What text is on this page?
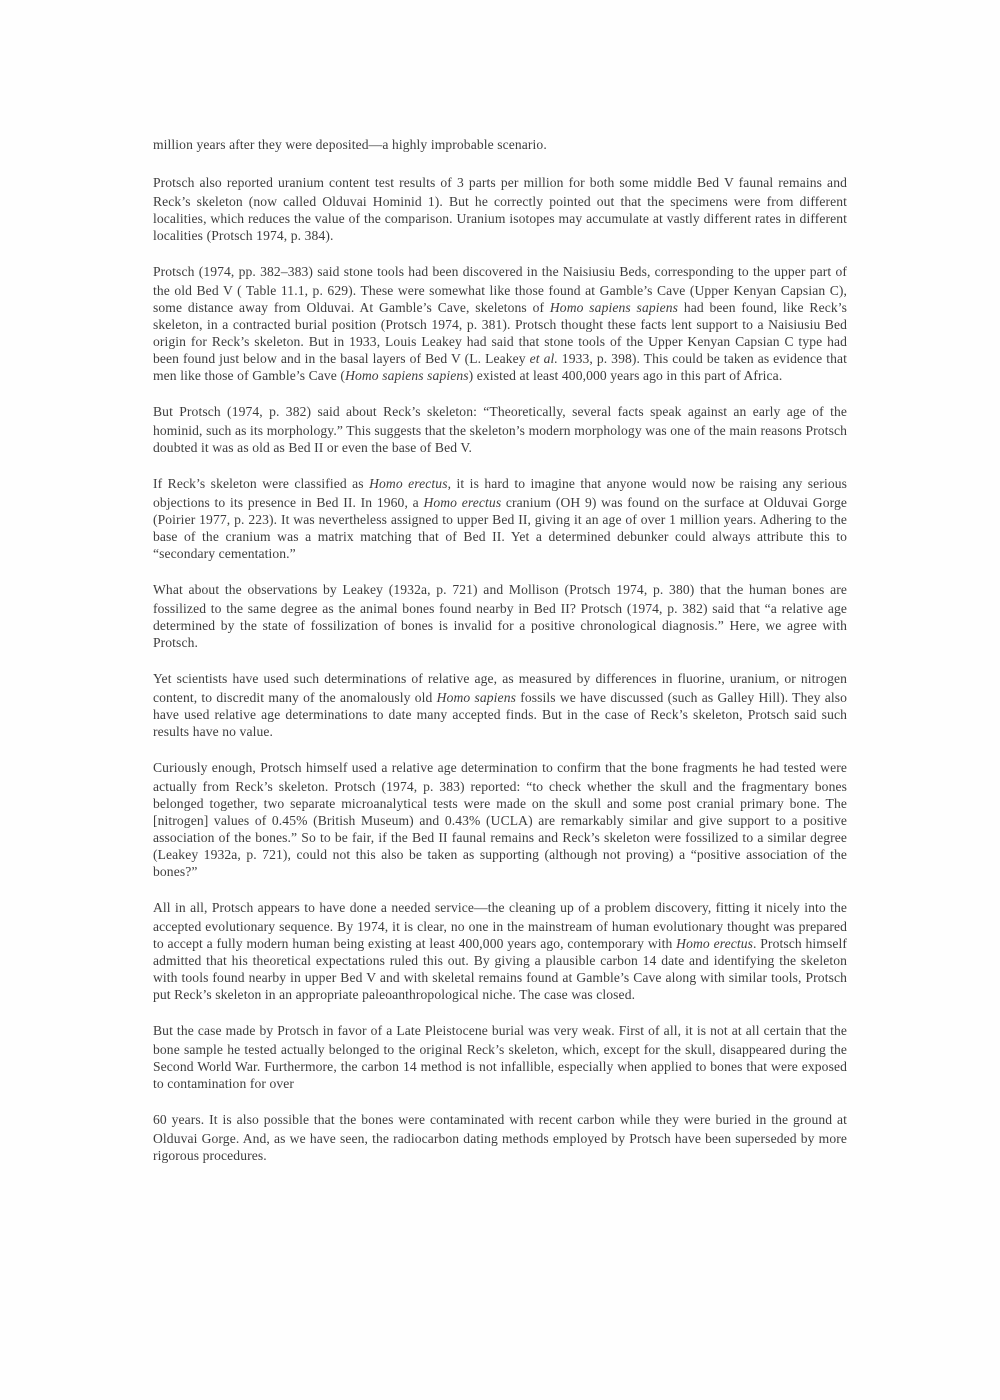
million years after they were deposited—a highly improbable scenario.

Protsch also reported uranium content test results of 3 parts per million for both some middle Bed V faunal remains and Reck’s skeleton (now called Olduvai Hominid 1). But he correctly pointed out that the specimens were from different localities, which reduces the value of the comparison. Uranium isotopes may accumulate at vastly different rates in different localities (Protsch 1974, p. 384).

Protsch (1974, pp. 382–383) said stone tools had been discovered in the Naisiusiu Beds, corresponding to the upper part of the old Bed V ( Table 11.1, p. 629). These were somewhat like those found at Gamble’s Cave (Upper Kenyan Capsian C), some distance away from Olduvai. At Gamble’s Cave, skeletons of Homo sapiens sapiens had been found, like Reck’s skeleton, in a contracted burial position (Protsch 1974, p. 381). Protsch thought these facts lent support to a Naisiusiu Bed origin for Reck’s skeleton. But in 1933, Louis Leakey had said that stone tools of the Upper Kenyan Capsian C type had been found just below and in the basal layers of Bed V (L. Leakey et al. 1933, p. 398). This could be taken as evidence that men like those of Gamble’s Cave (Homo sapiens sapiens) existed at least 400,000 years ago in this part of Africa.

But Protsch (1974, p. 382) said about Reck’s skeleton: “Theoretically, several facts speak against an early age of the hominid, such as its morphology.” This suggests that the skeleton’s modern morphology was one of the main reasons Protsch doubted it was as old as Bed II or even the base of Bed V.

If Reck’s skeleton were classified as Homo erectus, it is hard to imagine that anyone would now be raising any serious objections to its presence in Bed II. In 1960, a Homo erectus cranium (OH 9) was found on the surface at Olduvai Gorge (Poirier 1977, p. 223). It was nevertheless assigned to upper Bed II, giving it an age of over 1 million years. Adhering to the base of the cranium was a matrix matching that of Bed II. Yet a determined debunker could always attribute this to “secondary cementation.”

What about the observations by Leakey (1932a, p. 721) and Mollison (Protsch 1974, p. 380) that the human bones are fossilized to the same degree as the animal bones found nearby in Bed II? Protsch (1974, p. 382) said that “a relative age determined by the state of fossilization of bones is invalid for a positive chronological diagnosis.” Here, we agree with Protsch.

Yet scientists have used such determinations of relative age, as measured by differences in fluorine, uranium, or nitrogen content, to discredit many of the anomalously old Homo sapiens fossils we have discussed (such as Galley Hill). They also have used relative age determinations to date many accepted finds. But in the case of Reck’s skeleton, Protsch said such results have no value.

Curiously enough, Protsch himself used a relative age determination to confirm that the bone fragments he had tested were actually from Reck’s skeleton. Protsch (1974, p. 383) reported: “to check whether the skull and the fragmentary bones belonged together, two separate microanalytical tests were made on the skull and some post cranial primary bone. The [nitrogen] values of 0.45% (British Museum) and 0.43% (UCLA) are remarkably similar and give support to a positive association of the bones.” So to be fair, if the Bed II faunal remains and Reck’s skeleton were fossilized to a similar degree (Leakey 1932a, p. 721), could not this also be taken as supporting (although not proving) a “positive association of the bones?”

All in all, Protsch appears to have done a needed service—the cleaning up of a problem discovery, fitting it nicely into the accepted evolutionary sequence. By 1974, it is clear, no one in the mainstream of human evolutionary thought was prepared to accept a fully modern human being existing at least 400,000 years ago, contemporary with Homo erectus. Protsch himself admitted that his theoretical expectations ruled this out. By giving a plausible carbon 14 date and identifying the skeleton with tools found nearby in upper Bed V and with skeletal remains found at Gamble’s Cave along with similar tools, Protsch put Reck’s skeleton in an appropriate paleoanthropological niche. The case was closed.

But the case made by Protsch in favor of a Late Pleistocene burial was very weak. First of all, it is not at all certain that the bone sample he tested actually belonged to the original Reck’s skeleton, which, except for the skull, disappeared during the Second World War. Furthermore, the carbon 14 method is not infallible, especially when applied to bones that were exposed to contamination for over

60 years. It is also possible that the bones were contaminated with recent carbon while they were buried in the ground at Olduvai Gorge. And, as we have seen, the radiocarbon dating methods employed by Protsch have been superseded by more rigorous procedures.
